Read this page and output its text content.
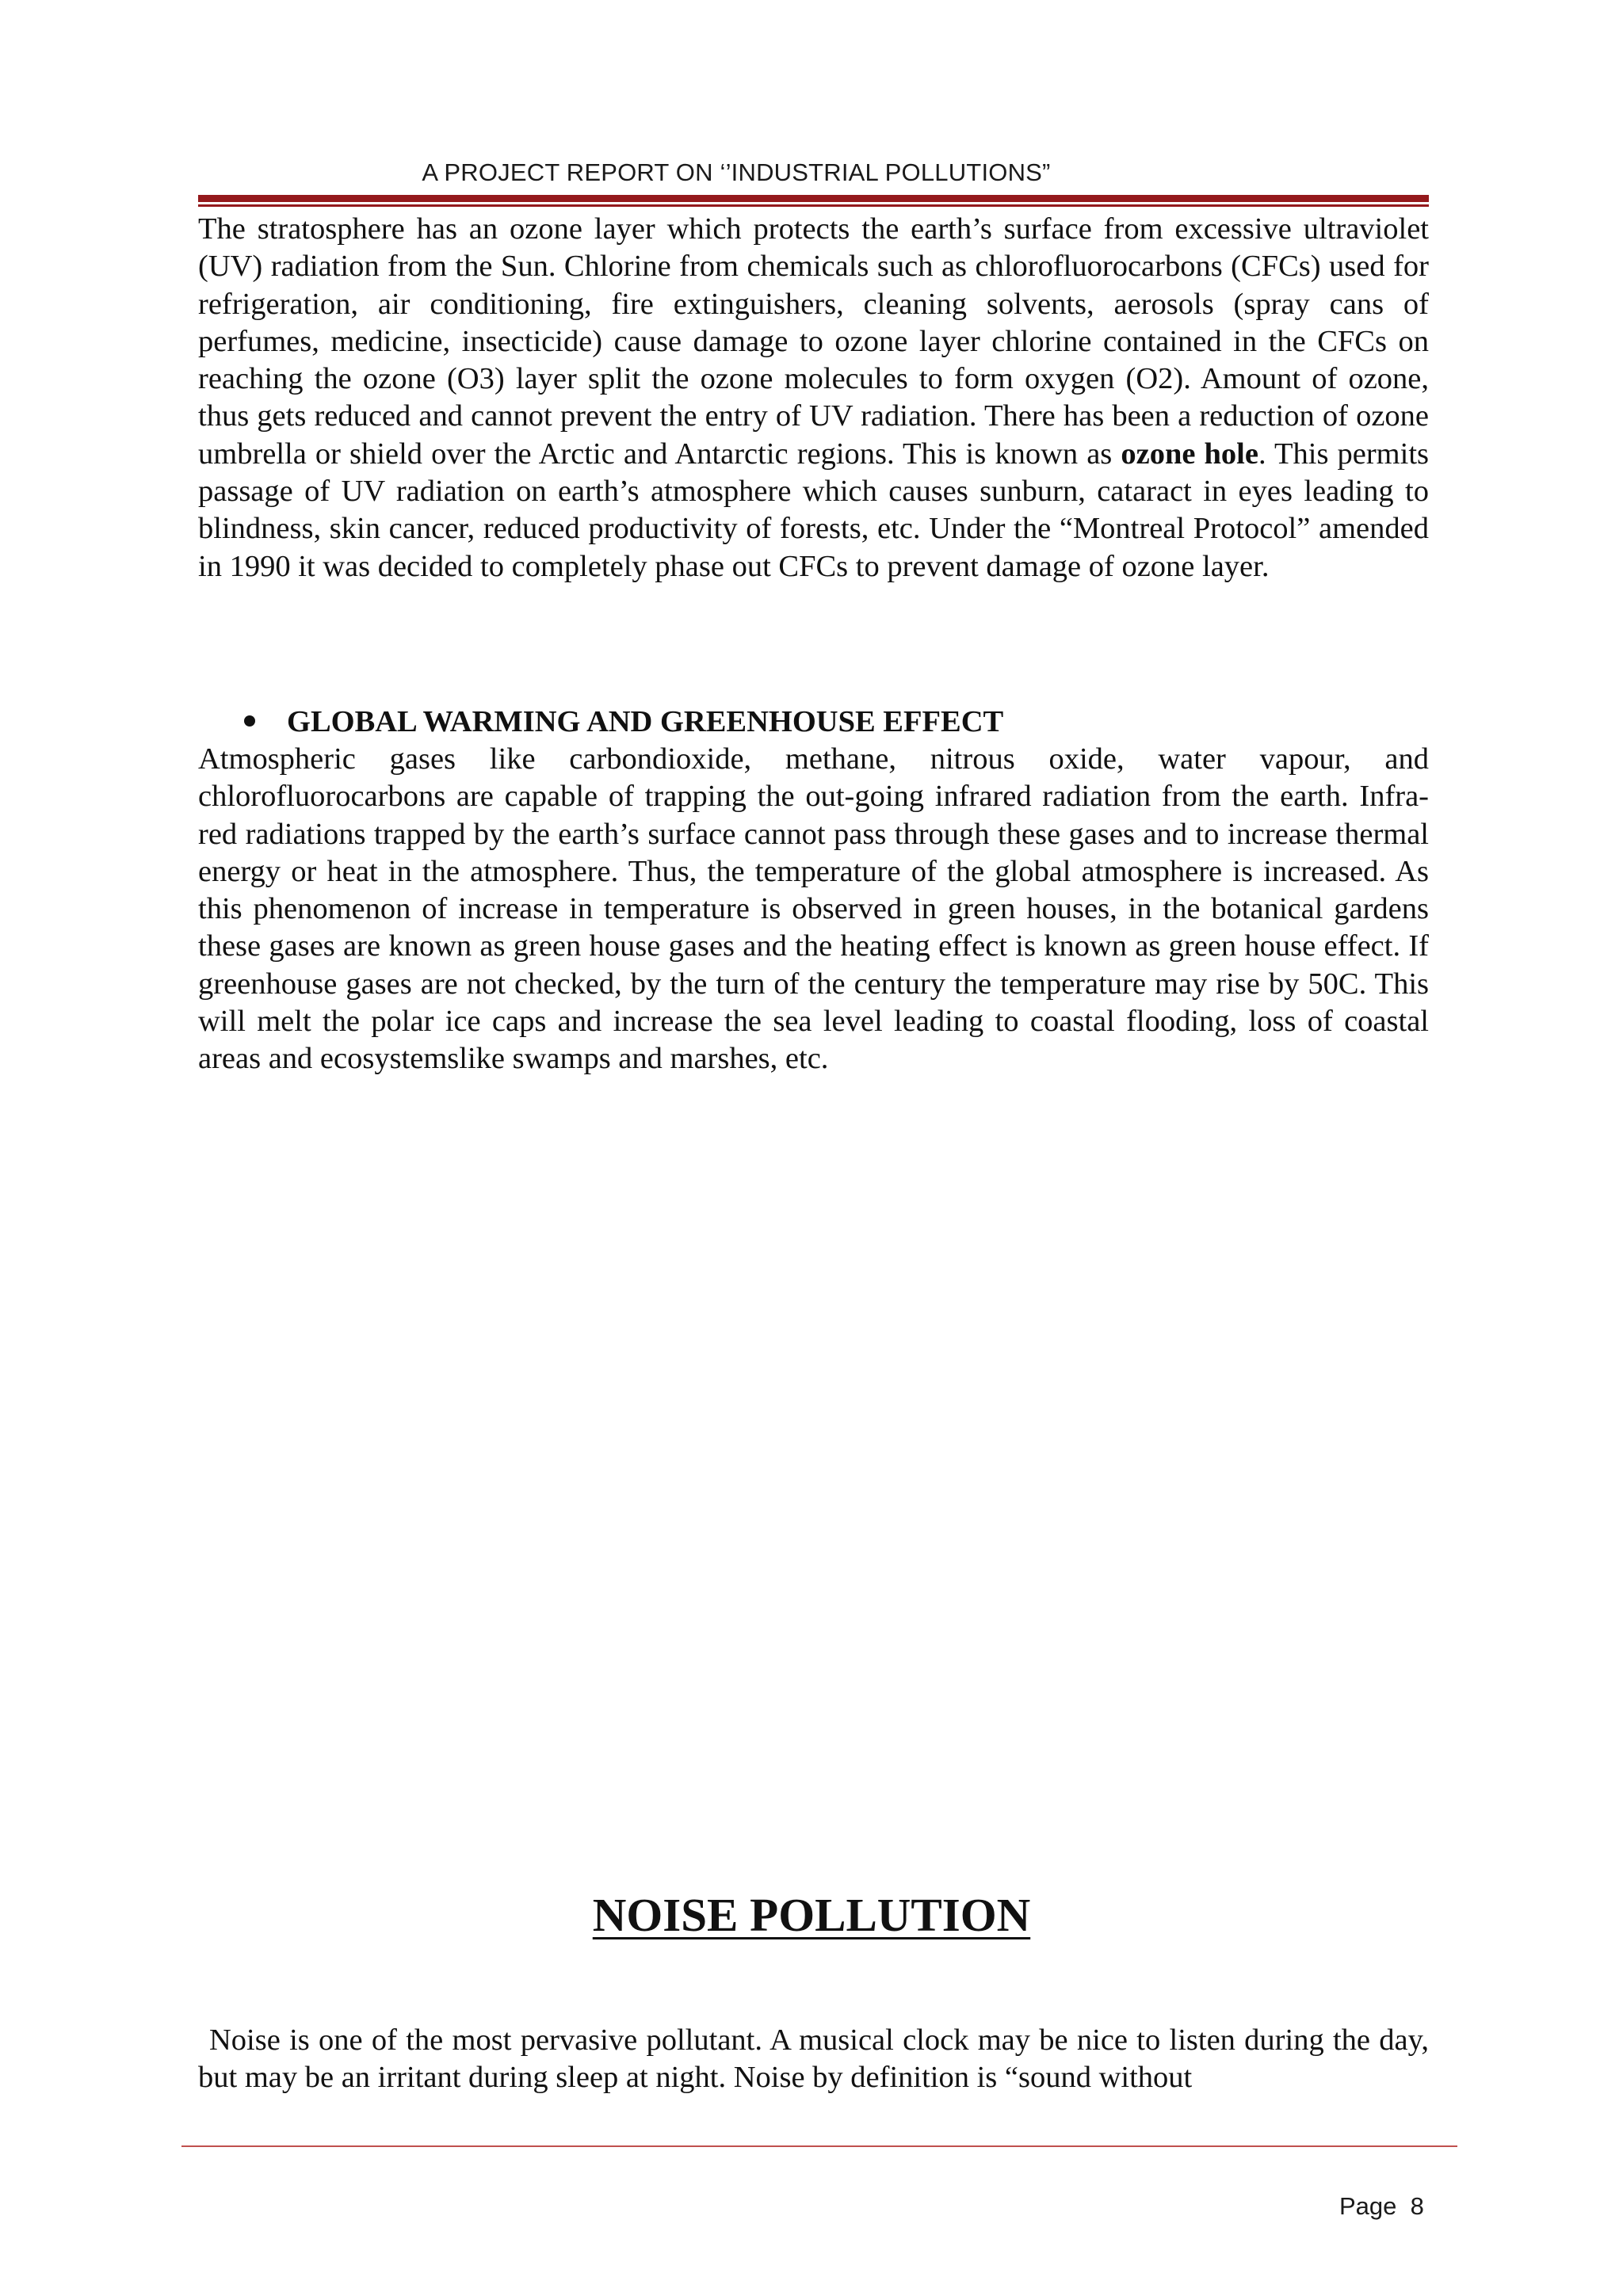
A PROJECT REPORT ON ‘’INDUSTRIAL POLLUTIONS”

The stratosphere has an ozone layer which protects the earth’s surface from excessive ultraviolet (UV) radiation from the Sun. Chlorine from chemicals such as chlorofluorocarbons (CFCs) used for refrigeration, air conditioning, fire extinguishers, cleaning solvents, aerosols (spray cans of perfumes, medicine, insecticide) cause damage to ozone layer chlorine contained in the CFCs on reaching the ozone (O3) layer split the ozone molecules to form oxygen (O2). Amount of ozone, thus gets reduced and cannot prevent the entry of UV radiation. There has been a reduction of ozone umbrella or shield over the Arctic and Antarctic regions. This is known as ozone hole. This permits passage of UV radiation on earth’s atmosphere which causes sunburn, cataract in eyes leading to blindness, skin cancer, reduced productivity of forests, etc. Under the “Montreal Protocol” amended in 1990 it was decided to completely phase out CFCs to prevent damage of ozone layer.

GLOBAL WARMING AND GREENHOUSE EFFECT

Atmospheric gases like carbondioxide, methane, nitrous oxide, water vapour, and chlorofluorocarbons are capable of trapping the out-going infrared radiation from the earth. Infra-red radiations trapped by the earth’s surface cannot pass through these gases and to increase thermal energy or heat in the atmosphere. Thus, the temperature of the global atmosphere is increased. As this phenomenon of increase in temperature is observed in green houses, in the botanical gardens these gases are known as green house gases and the heating effect is known as green house effect. If greenhouse gases are not checked, by the turn of the century the temperature may rise by 50C. This will melt the polar ice caps and increase the sea level leading to coastal flooding, loss of coastal areas and ecosystemslike swamps and marshes, etc.

NOISE POLLUTION

Noise is one of the most pervasive pollutant. A musical clock may be nice to listen during the day, but may be an irritant during sleep at night. Noise by definition is “sound without

Page 8
